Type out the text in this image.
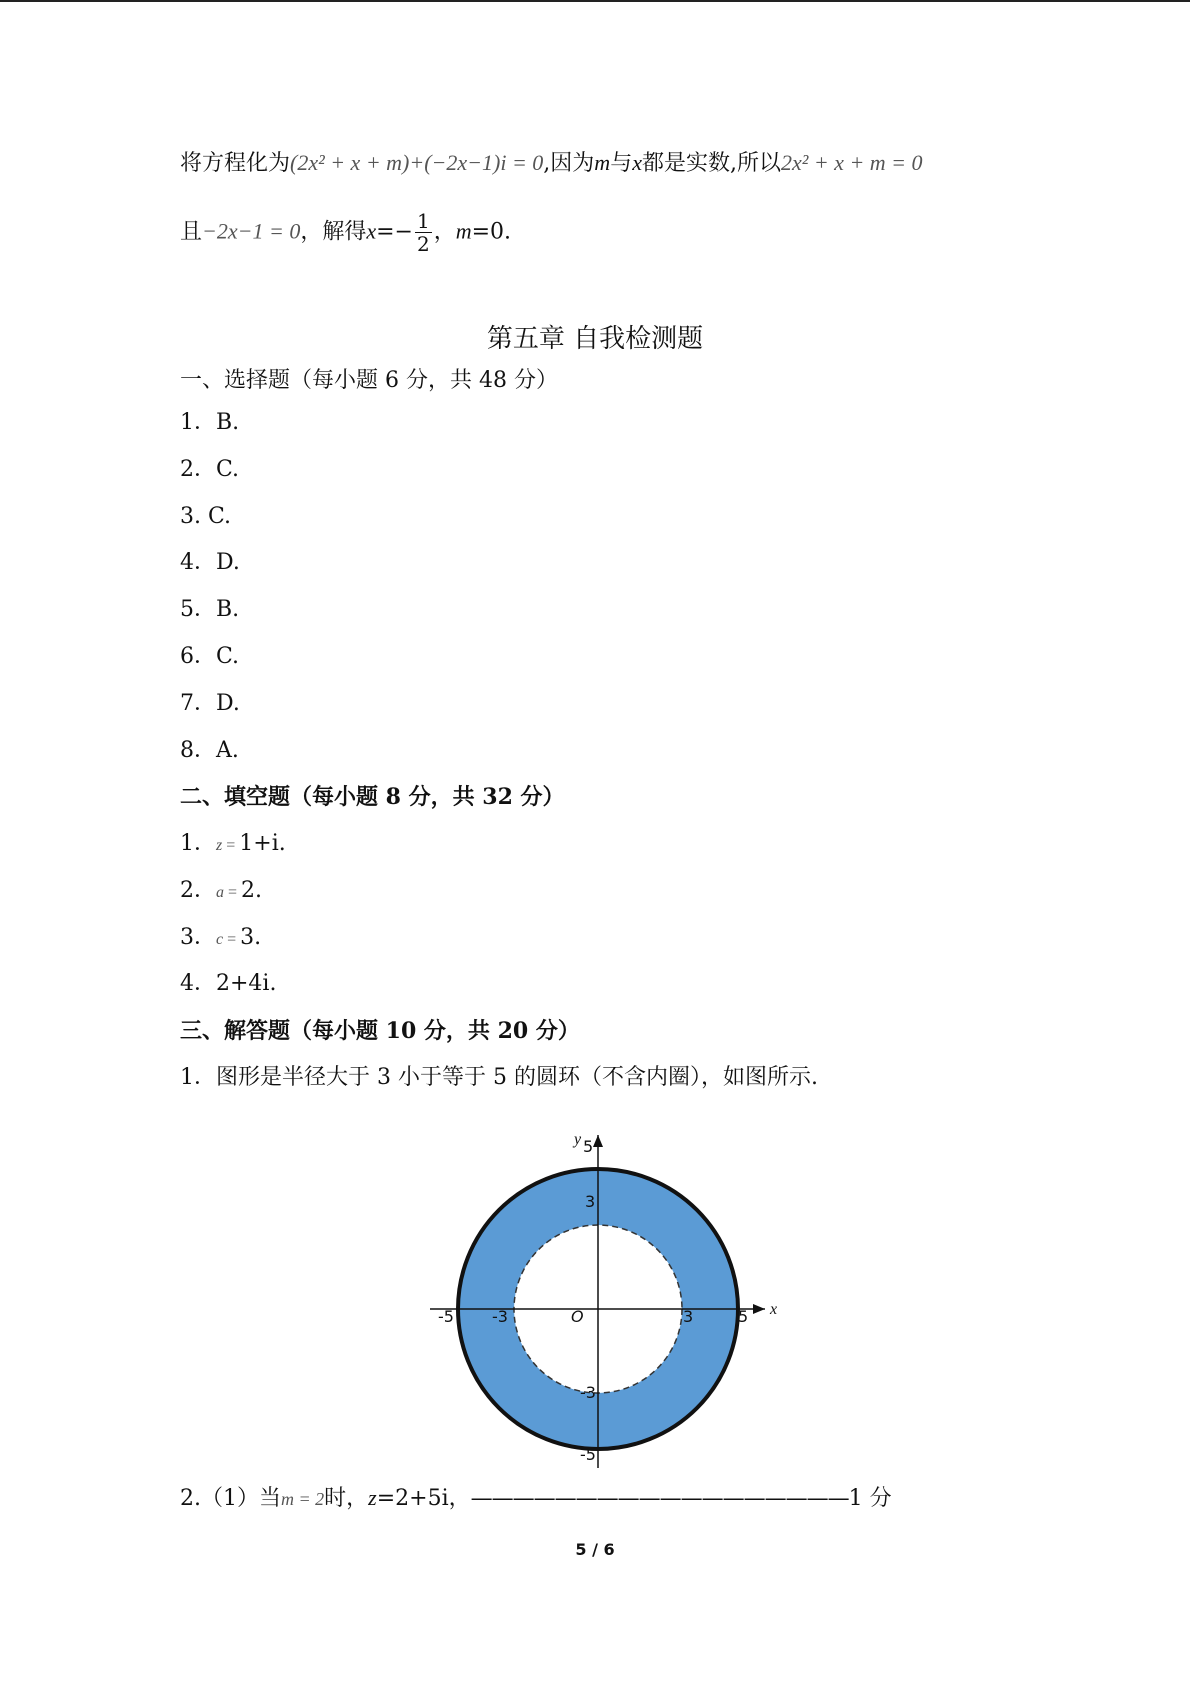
将方程化为(2x² + x + m)+(−2x−1)i = 0,因为m与x都是实数,所以2x² + x + m = 0
且−2x−1 = 0，解得$x=- \frac{1}{2}$ ，m=0.
第五章 自我检测题
一、选择题（每小题 6 分，共 48 分）
1．B.
2．C.
3. C.
4．D.
5．B.
6．C.
7．D.
8．A.
二、填空题（每小题 8 分，共 32 分）
1．z = 1+i.
2．a = 2.
3．c = 3.
4．2+4i.
三、解答题（每小题 10 分，共 20 分）
1．图形是半径大于 3 小于等于 5 的圆环（不含内圈），如图所示.
x
y
O
-5 -3	3	5
5
3
-3
-5
2.（1）当m = 2时，z=2+5i，——————————————————1 分
5 / 6
